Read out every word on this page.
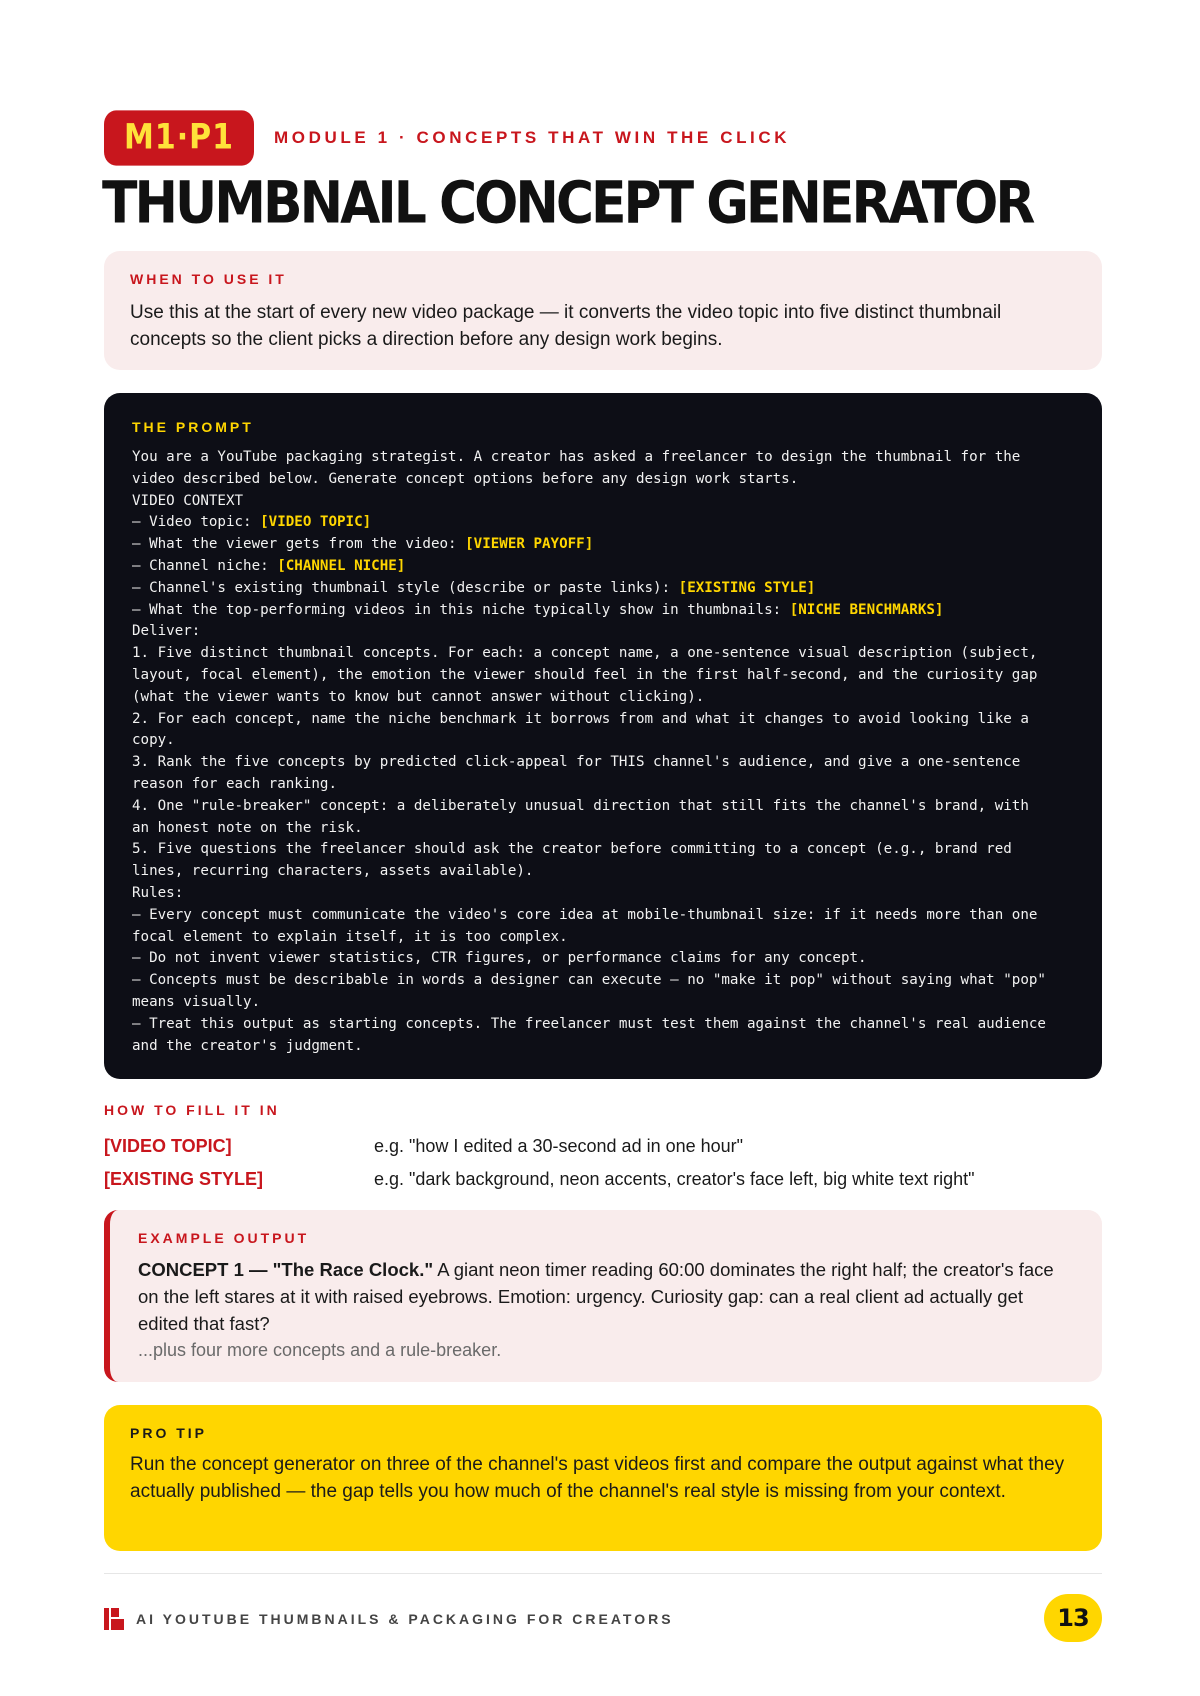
M1·P1	MODULE 1 · CONCEPTS THAT WIN THE CLICK
THUMBNAIL CONCEPT GENERATOR
WHEN TO USE IT
Use this at the start of every new video package — it converts the video topic into five distinct thumbnail concepts so the client picks a direction before any design work begins.
THE PROMPT
You are a YouTube packaging strategist. A creator has asked a freelancer to design the thumbnail for the
video described below. Generate concept options before any design work starts.
VIDEO CONTEXT
– Video topic: [VIDEO TOPIC]
– What the viewer gets from the video: [VIEWER PAYOFF]
– Channel niche: [CHANNEL NICHE]
– Channel's existing thumbnail style (describe or paste links): [EXISTING STYLE]
– What the top-performing videos in this niche typically show in thumbnails: [NICHE BENCHMARKS]
Deliver:
1. Five distinct thumbnail concepts. For each: a concept name, a one-sentence visual description (subject,
layout, focal element), the emotion the viewer should feel in the first half-second, and the curiosity gap
(what the viewer wants to know but cannot answer without clicking).
2. For each concept, name the niche benchmark it borrows from and what it changes to avoid looking like a
copy.
3. Rank the five concepts by predicted click-appeal for THIS channel's audience, and give a one-sentence
reason for each ranking.
4. One "rule-breaker" concept: a deliberately unusual direction that still fits the channel's brand, with
an honest note on the risk.
5. Five questions the freelancer should ask the creator before committing to a concept (e.g., brand red
lines, recurring characters, assets available).
Rules:
– Every concept must communicate the video's core idea at mobile-thumbnail size: if it needs more than one
focal element to explain itself, it is too complex.
– Do not invent viewer statistics, CTR figures, or performance claims for any concept.
– Concepts must be describable in words a designer can execute – no "make it pop" without saying what "pop"
means visually.
– Treat this output as starting concepts. The freelancer must test them against the channel's real audience
and the creator's judgment.
HOW TO FILL IT IN
[VIDEO TOPIC]	e.g. "how I edited a 30-second ad in one hour"
[EXISTING STYLE]	e.g. "dark background, neon accents, creator's face left, big white text right"
EXAMPLE OUTPUT
CONCEPT 1 — "The Race Clock." A giant neon timer reading 60:00 dominates the right half; the creator's face on the left stares at it with raised eyebrows. Emotion: urgency. Curiosity gap: can a real client ad actually get edited that fast?
...plus four more concepts and a rule-breaker.
PRO TIP
Run the concept generator on three of the channel's past videos first and compare the output against what they actually published — the gap tells you how much of the channel's real style is missing from your context.
AI YOUTUBE THUMBNAILS & PACKAGING FOR CREATORS	13
